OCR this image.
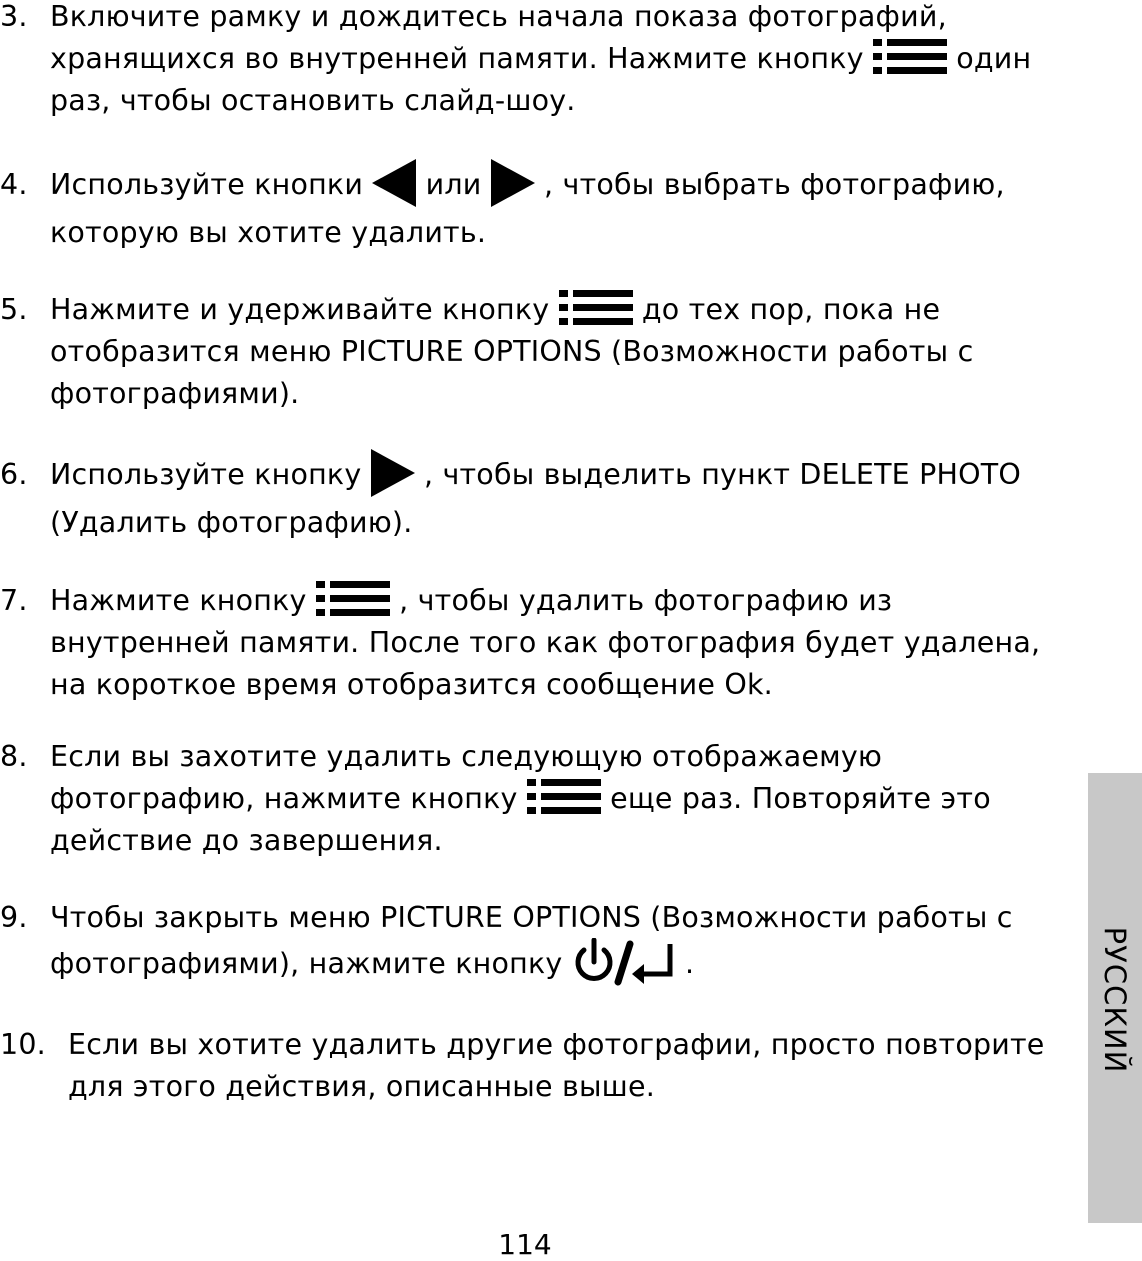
3. Включите рамку и дождитесь начала показа фотографий, хранящихся во внутренней памяти. Нажмите кнопку	один раз, чтобы остановить слайд-шоу.
4. Используйте кнопки или , чтобы выбрать фотографию, которую вы хотите удалить.
5. Нажмите и удерживайте кнопку	до тех пор, пока не отобразится меню PICTURE OPTIONS (Возможности работы с фотографиями).
6. Используйте кнопку , чтобы выделить пункт DELETE PHOTO (Удалить фотографию).
7. Нажмите кнопку	, чтобы удалить фотографию из внутренней памяти. После того как фотография будет удалена, на короткое время отобразится сообщение Ok.
8. Если вы захотите удалить следующую отображаемую фотографию, нажмите кнопку	еще раз. Повторяйте это действие до завершения.
9. Чтобы закрыть меню PICTURE OPTIONS (Возможности работы с фотографиями), нажмите кнопку	.
10. Если вы хотите удалить другие фотографии, просто повторите для этого действия, описанные выше.
РУССКИЙ
114
